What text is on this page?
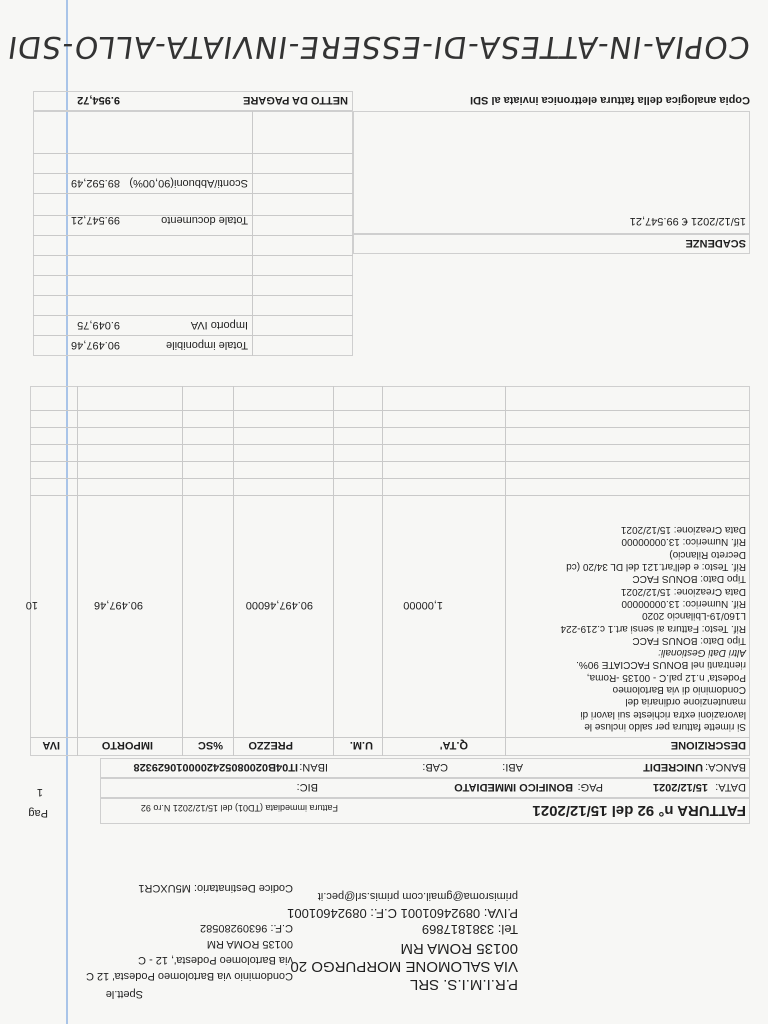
P.R.I.M.I.S. SRL
VIA SALOMONE MORPURGO 20
00135 ROMA RM
Tel: 3381817869
P.IVA: 08924601001 C.F.: 08924601001
primisroma@gmail.com primis.srl@pec.it
Spett.le
Condominio via Bartolomeo Podesta' 12 C
via Bartolomeo Podesta', 12 - C
00135 ROMA RM
C.F.: 96309280582
Codice Destinatario: M5UXCR1
FATTURA n° 92 del 15/12/2021
Fattura immediata (TD01) del 15/12/2021 N.ro 92
Pag
1	DATA:
15/12/2021
PAG:
BONIFICO IMMEDIATO
BIC:
BANCA:
UNICREDIT
ABI:
CAB:
IBAN:
IT04B0200805242000010629328
DESCRIZIONE
Q.TA'
U.M.
PREZZO
%SC
IMPORTO
IVA
Si rimette fattura per saldo incluse le
lavorazioni extra richieste sui lavori di
manutenzione ordinaria del
Condominio di via Bartolomeo
Podesta' n.12 pal.C - 00135 -Roma,
rientranti nel BONUS FACCIATE 90%.
Altri Dati Gestionali:
Tipo Dato: BONUS FACC
Rif. Testo: Fattura ai sensi art.1 c.219-224
L160/19-Lbilancio 2020
Rif. Numerico: 13.00000000
Data Creazione: 15/12/2021
Tipo Dato: BONUS FACC
Rif. Testo: e dell'art.121 del DL 34/20 (cd
Decreto Rilancio)
Rif. Numerico: 13.00000000
Data Creazione: 15/12/2021
1,00000
90.497,46000
90.497,46
10
Totale imponibile
90.497,46
Importo IVA
9.049,75
SCADENZE
15/12/2021 € 99.547,21
Totale documento
99.547,21
Sconti/Abbuoni(90,00%)
89.592,49
NETTO DA PAGARE
9.954,72	Copia analogica della fattura elettronica inviata al SDI
COPIA-IN-ATTESA-DI-ESSERE-INVIATA-ALLO-SDI
